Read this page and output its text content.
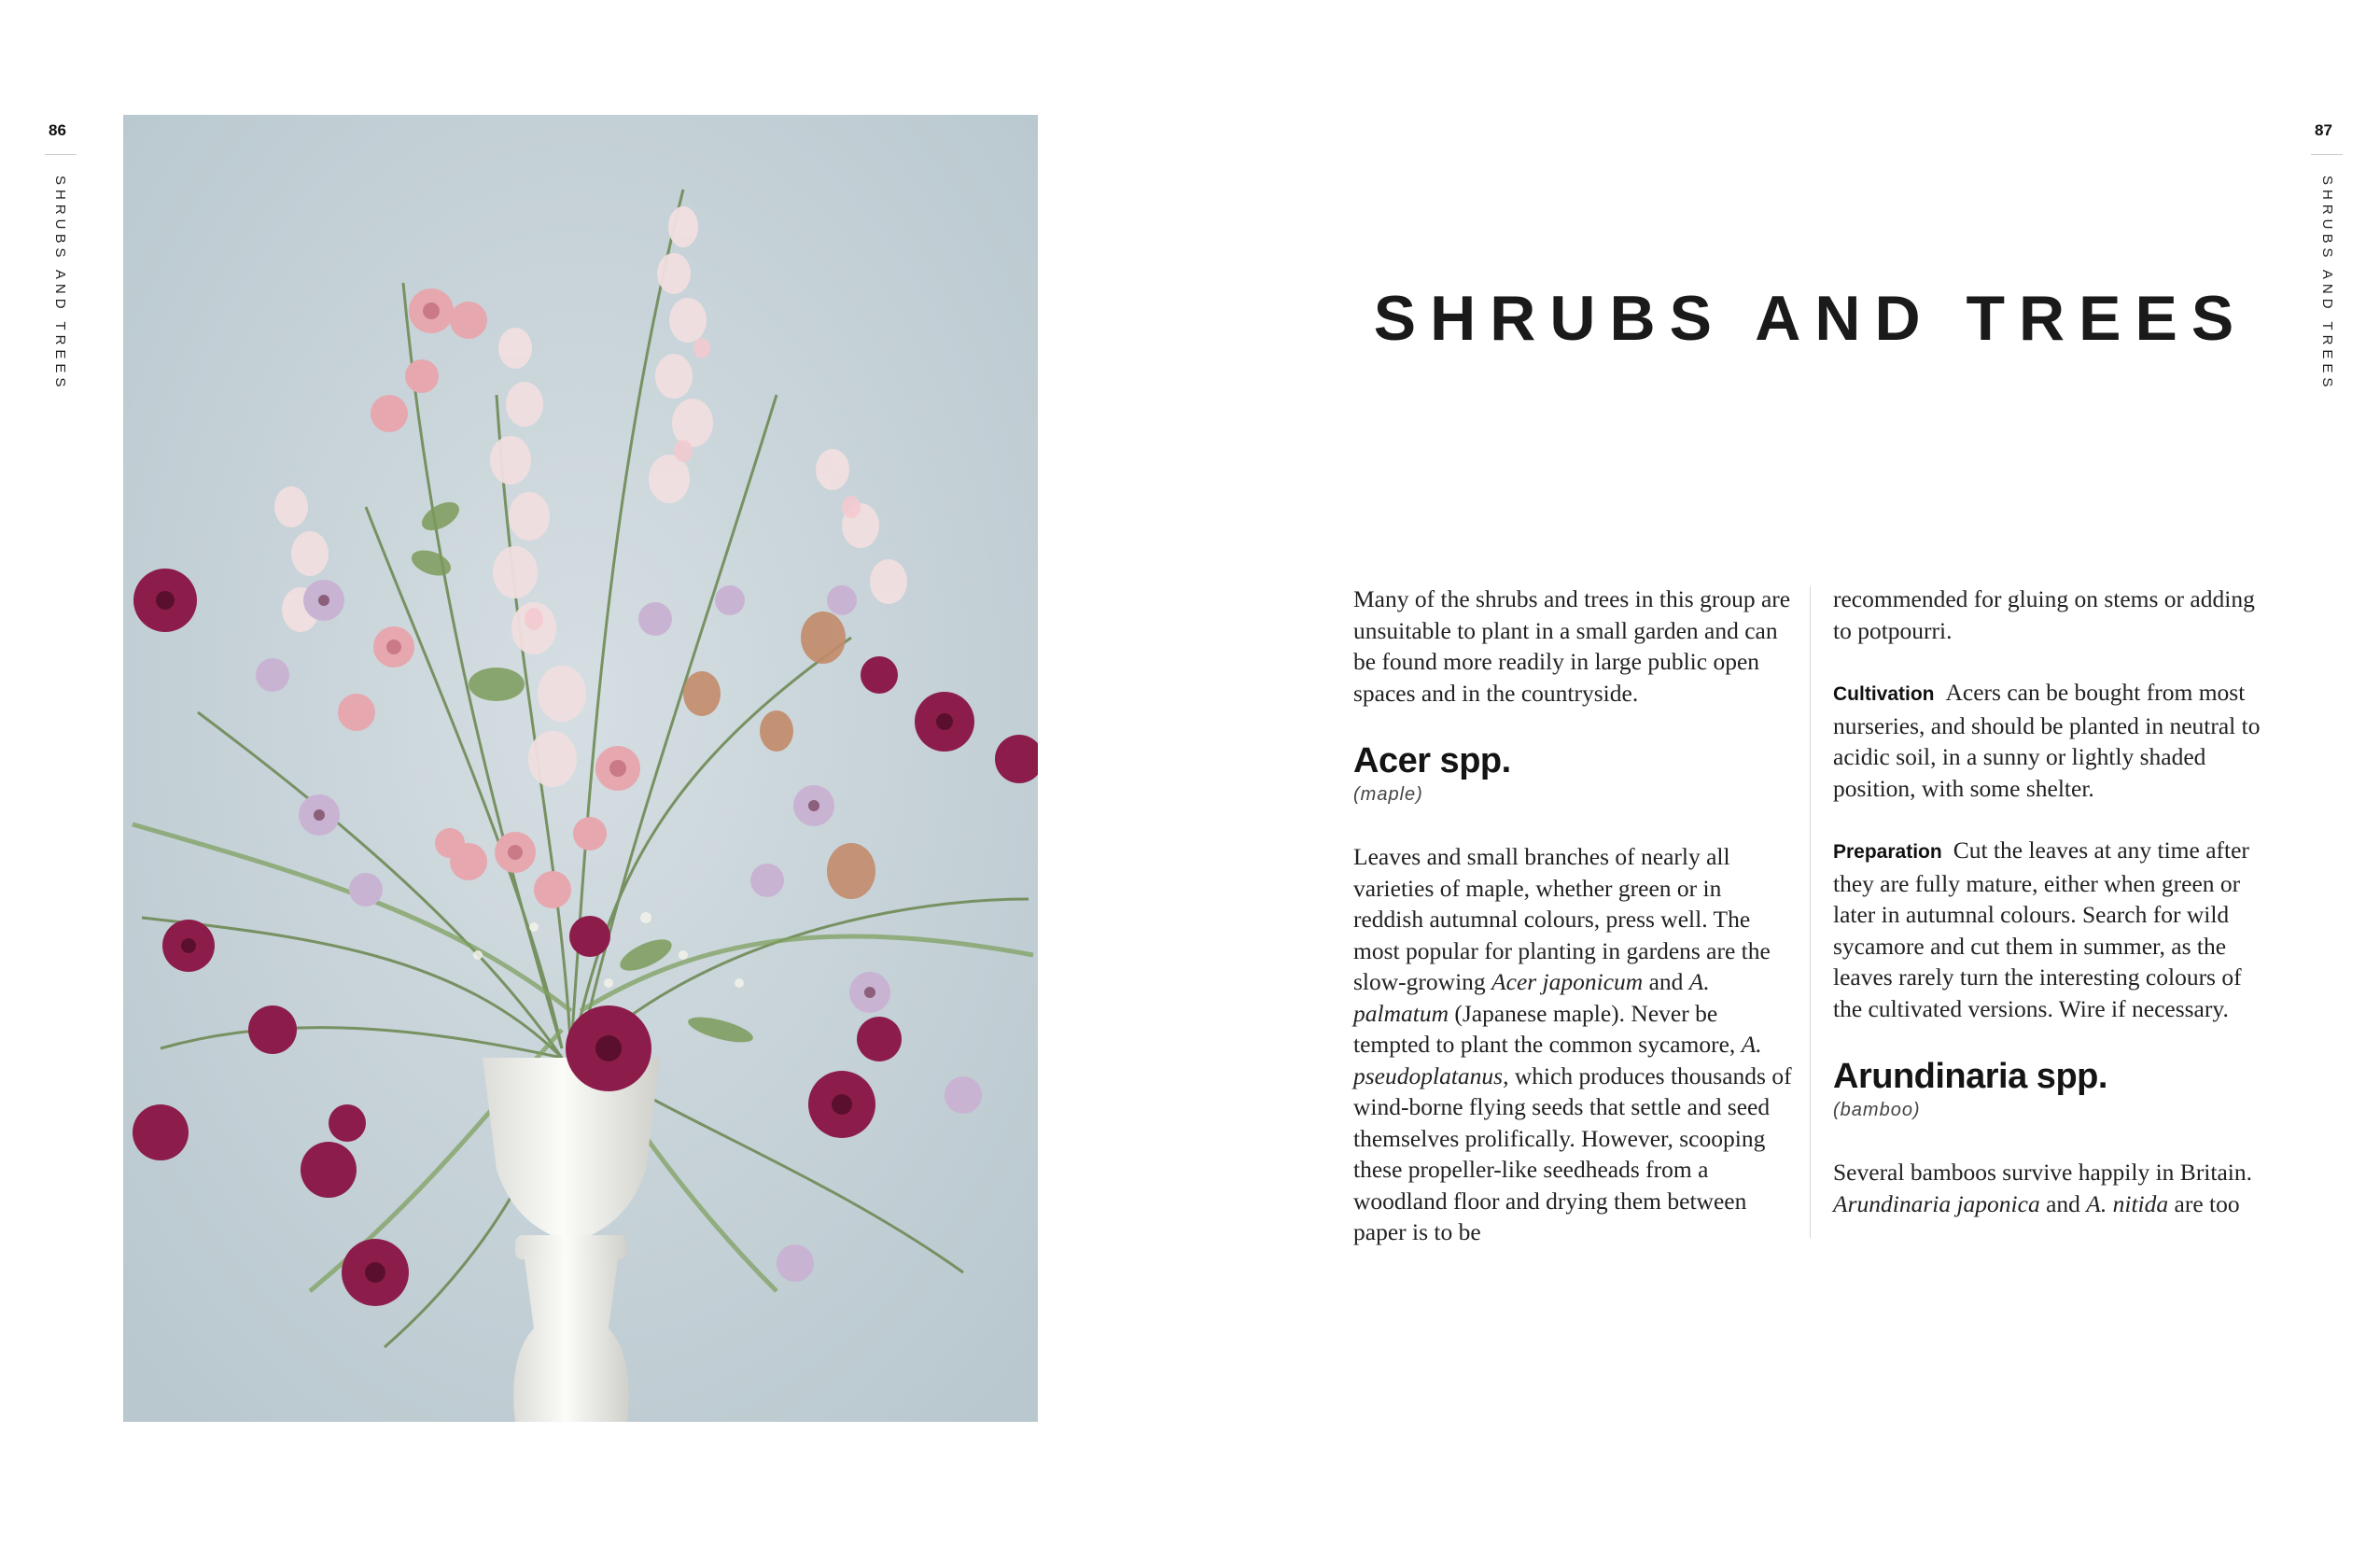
86
SHRUBS AND TREES
87
SHRUBS AND TREES
SHRUBS AND TREES

Many of the shrubs and trees in this group are unsuitable to plant in a small garden and can be found more readily in large public open spaces and in the countryside.

Acer spp.
(maple)

Leaves and small branches of nearly all varieties of maple, whether green or in reddish autumnal colours, press well. The most popular for planting in gardens are the slow-growing Acer japonicum and A. palmatum (Japanese maple). Never be tempted to plant the common sycamore, A. pseudoplatanus, which produces thousands of wind-borne flying seeds that settle and seed themselves prolifically. However, scooping these propeller-like seedheads from a woodland floor and drying them between paper is to be

recommended for gluing on stems or adding to potpourri.

Cultivation Acers can be bought from most nurseries, and should be planted in neutral to acidic soil, in a sunny or lightly shaded position, with some shelter.

Preparation Cut the leaves at any time after they are fully mature, either when green or later in autumnal colours. Search for wild sycamore and cut them in summer, as the leaves rarely turn the interesting colours of the cultivated versions. Wire if necessary.

Arundinaria spp.
(bamboo)

Several bamboos survive happily in Britain. Arundinaria japonica and A. nitida are too
